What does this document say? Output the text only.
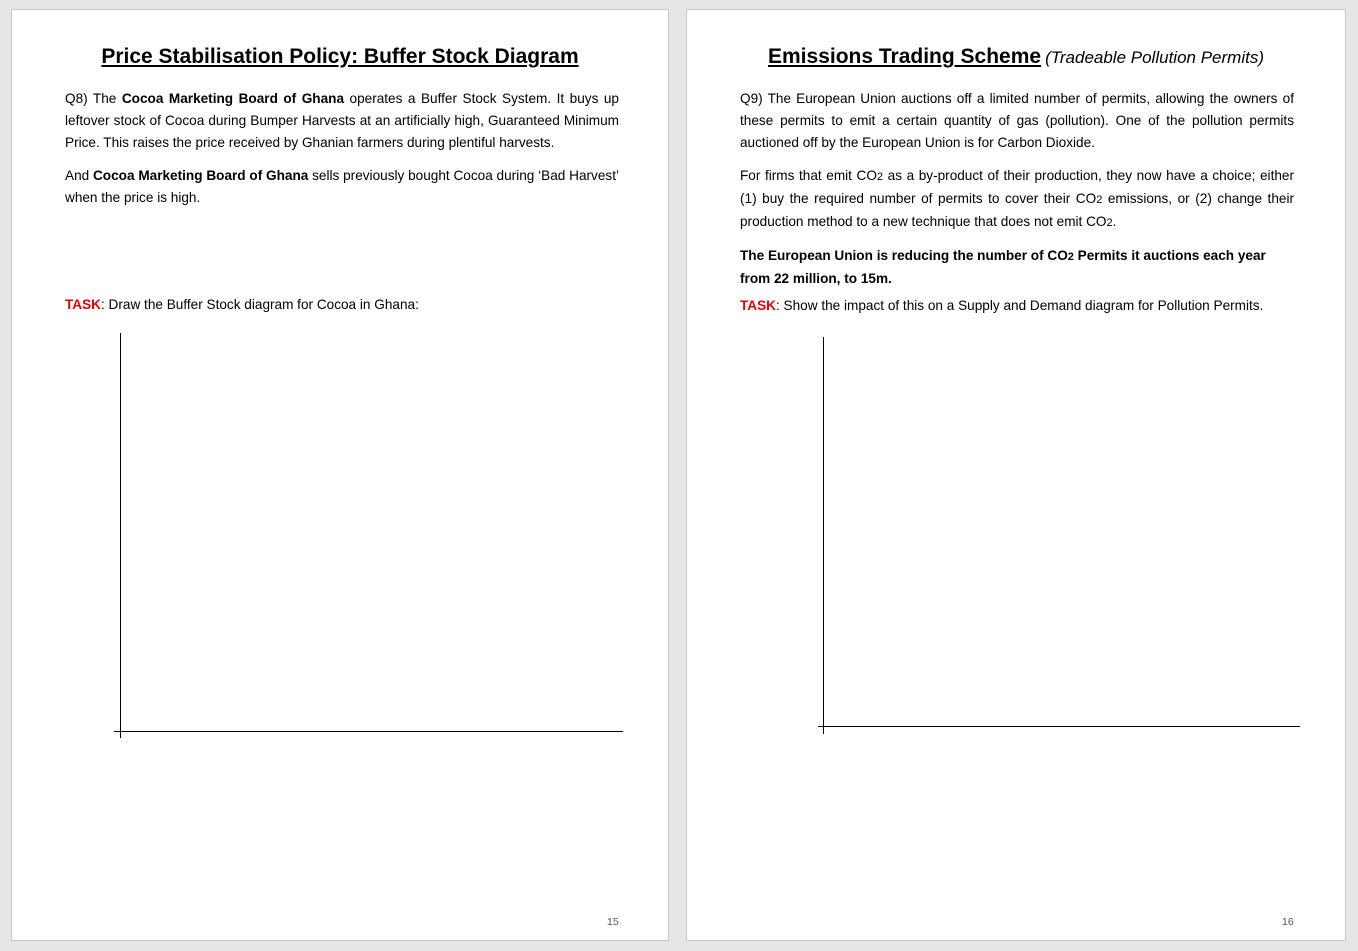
Price Stabilisation Policy: Buffer Stock Diagram

Q8) The Cocoa Marketing Board of Ghana operates a Buffer Stock System. It buys up leftover stock of Cocoa during Bumper Harvests at an artificially high, Guaranteed Minimum Price. This raises the price received by Ghanian farmers during plentiful harvests.

And Cocoa Marketing Board of Ghana sells previously bought Cocoa during ‘Bad Harvest’ when the price is high.

TASK: Draw the Buffer Stock diagram for Cocoa in Ghana:

15
Emissions Trading Scheme (Tradeable Pollution Permits)

Q9) The European Union auctions off a limited number of permits, allowing the owners of these permits to emit a certain quantity of gas (pollution). One of the pollution permits auctioned off by the European Union is for Carbon Dioxide.

For firms that emit CO2 as a by-product of their production, they now have a choice; either (1) buy the required number of permits to cover their CO2 emissions, or (2) change their production method to a new technique that does not emit CO2.

The European Union is reducing the number of CO2 Permits it auctions each year from 22 million, to 15m.

TASK: Show the impact of this on a Supply and Demand diagram for Pollution Permits.

16
